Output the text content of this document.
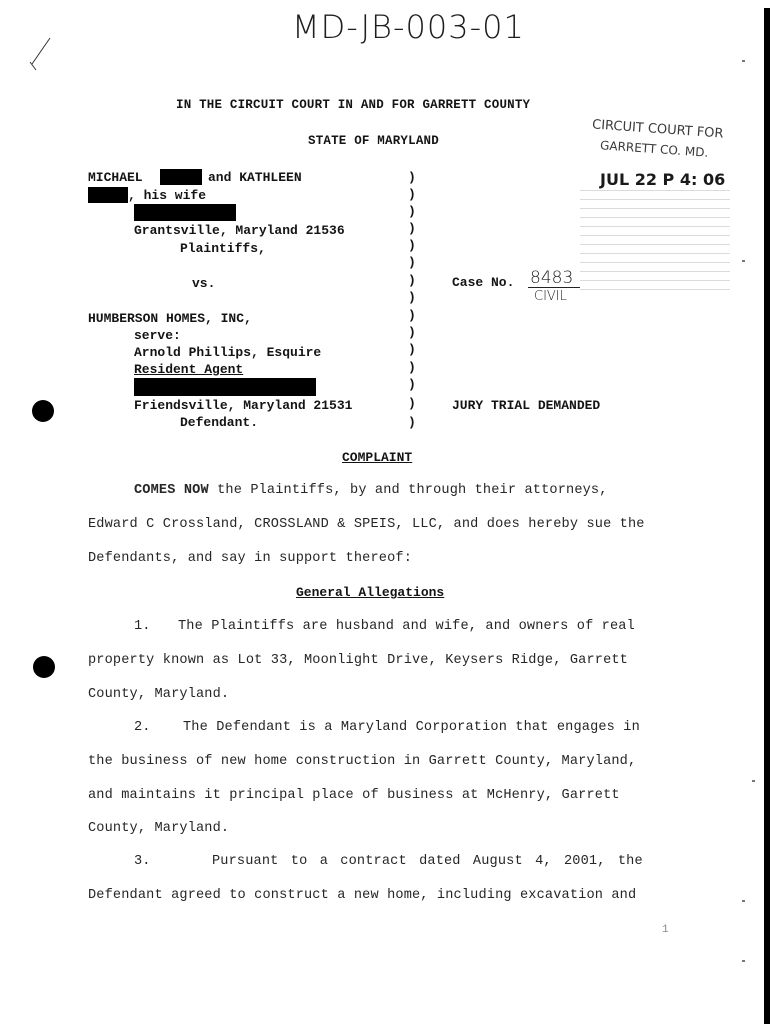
MD-JB-003-01
IN THE CIRCUIT COURT IN AND FOR GARRETT COUNTY
STATE OF MARYLAND	CIRCUIT COURT FOR
GARRETT CO. MD.
JUL 22 P 4: 06
MICHAEL	and KATHLEEN
, his wife
Grantsville, Maryland 21536
Plaintiffs,
vs.
HUMBERSON HOMES, INC,
serve:
Arnold Phillips, Esquire
Resident Agent
Friendsville, Maryland 21531
Defendant.
)
)
)
)
)
)
)
)
)
)
)
)
)
)
)
Case No. 8483
CIVIL
JURY TRIAL DEMANDED
COMPLAINT
COMES NOW the Plaintiffs, by and through their attorneys,
Edward C Crossland, CROSSLAND & SPEIS, LLC, and does hereby sue the
Defendants, and say in support thereof:
General Allegations
1. The Plaintiffs are husband and wife, and owners of real
property known as Lot 33, Moonlight Drive, Keysers Ridge, Garrett
County, Maryland.
2. The Defendant is a Maryland Corporation that engages in
the business of new home construction in Garrett County, Maryland,
and maintains it principal place of business at McHenry, Garrett
County, Maryland.
3.	Pursuant to a contract dated August 4, 2001, the
Defendant agreed to construct a new home, including excavation and
1
